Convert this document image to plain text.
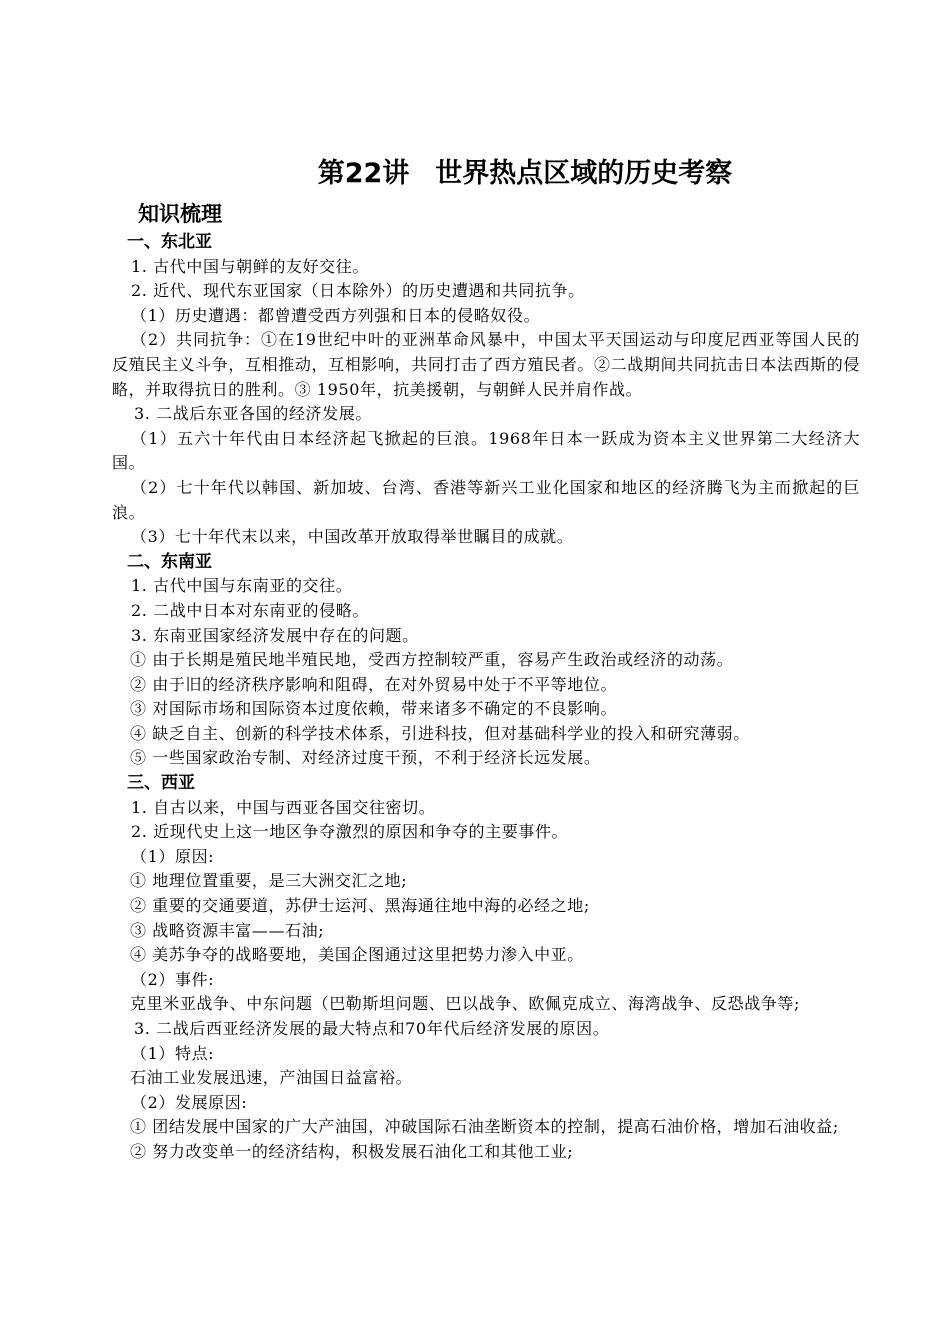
第22讲 世界热点区域的历史考察
知识梳理
一、东北亚

1. 古代中国与朝鲜的友好交往。

2. 近代、现代东亚国家（日本除外）的历史遭遇和共同抗争。

（1）历史遭遇：都曾遭受西方列强和日本的侵略奴役。

（2）共同抗争：①在19世纪中叶的亚洲革命风暴中，中国太平天国运动与印度尼西亚等国人民的反殖民主义斗争，互相推动，互相影响，共同打击了西方殖民者。②二战期间共同抗击日本法西斯的侵略，并取得抗日的胜利。③ 1950年，抗美援朝，与朝鲜人民并肩作战。

3. 二战后东亚各国的经济发展。

（1）五六十年代由日本经济起飞掀起的巨浪。1968年日本一跃成为资本主义世界第二大经济大国。

（2）七十年代以韩国、新加坡、台湾、香港等新兴工业化国家和地区的经济腾飞为主而掀起的巨浪。

（3）七十年代末以来，中国改革开放取得举世瞩目的成就。

二、东南亚

1. 古代中国与东南亚的交往。

2. 二战中日本对东南亚的侵略。

3. 东南亚国家经济发展中存在的问题。

① 由于长期是殖民地半殖民地，受西方控制较严重，容易产生政治或经济的动荡。

② 由于旧的经济秩序影响和阻碍，在对外贸易中处于不平等地位。

③ 对国际市场和国际资本过度依赖，带来诸多不确定的不良影响。

④ 缺乏自主、创新的科学技术体系，引进科技，但对基础科学业的投入和研究薄弱。

⑤ 一些国家政治专制、对经济过度干预，不利于经济长远发展。

三、西亚

1. 自古以来，中国与西亚各国交往密切。

2. 近现代史上这一地区争夺激烈的原因和争夺的主要事件。

（1）原因:

① 地理位置重要，是三大洲交汇之地;

② 重要的交通要道，苏伊士运河、黑海通往地中海的必经之地;

③ 战略资源丰富——石油;

④ 美苏争夺的战略要地，美国企图通过这里把势力渗入中亚。

（2）事件:

克里米亚战争、中东问题（巴勒斯坦问题、巴以战争、欧佩克成立、海湾战争、反恐战争等;

3. 二战后西亚经济发展的最大特点和70年代后经济发展的原因。

（1）特点:

石油工业发展迅速，产油国日益富裕。

（2）发展原因:

① 团结发展中国家的广大产油国，冲破国际石油垄断资本的控制，提高石油价格，增加石油收益;

② 努力改变单一的经济结构，积极发展石油化工和其他工业;
